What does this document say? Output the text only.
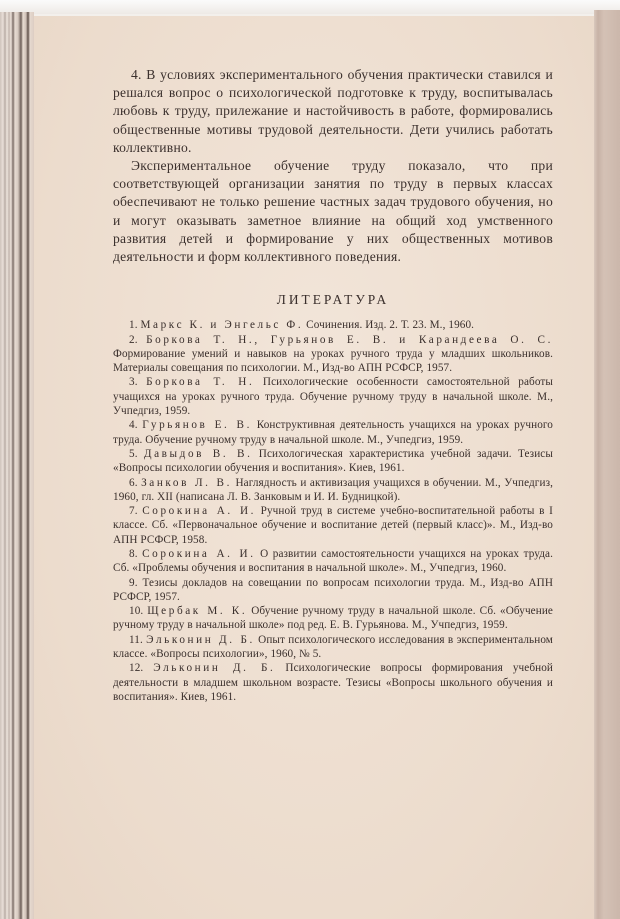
4. В условиях экспериментального обучения практически ставился и решался вопрос о психологической подготовке к труду, воспитывалась любовь к труду, прилежание и настойчивость в работе, формировались общественные мотивы трудовой деятельности. Дети учились работать коллективно.

Экспериментальное обучение труду показало, что при соответствующей организации занятия по труду в первых классах обеспечивают не только решение частных задач трудового обучения, но и могут оказывать заметное влияние на общий ход умственного развития детей и формирование у них общественных мотивов деятельности и форм коллективного поведения.

ЛИТЕРАТУРА

1. Маркс К. и Энгельс Ф. Сочинения. Изд. 2. Т. 23. М., 1960.

2. Боркова Т. Н., Гурьянов Е. В. и Карандеева О. С. Формирование умений и навыков на уроках ручного труда у младших школьников. Материалы совещания по психологии. М., Изд-во АПН РСФСР, 1957.

3. Боркова Т. Н. Психологические особенности самостоятельной работы учащихся на уроках ручного труда. Обучение ручному труду в начальной школе. М., Учпедгиз, 1959.

4. Гурьянов Е. В. Конструктивная деятельность учащихся на уроках ручного труда. Обучение ручному труду в начальной школе. М., Учпедгиз, 1959.

5. Давыдов В. В. Психологическая характеристика учебной задачи. Тезисы «Вопросы психологии обучения и воспитания». Киев, 1961.

6. Занков Л. В. Наглядность и активизация учащихся в обучении. М., Учпедгиз, 1960, гл. XII (написана Л. В. Занковым и И. И. Будницкой).

7. Сорокина А. И. Ручной труд в системе учебно-воспитательной работы в I классе. Сб. «Первоначальное обучение и воспитание детей (первый класс)». М., Изд-во АПН РСФСР, 1958.

8. Сорокина А. И. О развитии самостоятельности учащихся на уроках труда. Сб. «Проблемы обучения и воспитания в начальной школе». М., Учпедгиз, 1960.

9. Тезисы докладов на совещании по вопросам психологии труда. М., Изд-во АПН РСФСР, 1957.

10. Щербак М. К. Обучение ручному труду в начальной школе. Сб. «Обучение ручному труду в начальной школе» под ред. Е. В. Гурьянова. М., Учпедгиз, 1959.

11. Эльконин Д. Б. Опыт психологического исследования в экспериментальном классе. «Вопросы психологии», 1960, № 5.

12. Эльконин Д. Б. Психологические вопросы формирования учебной деятельности в младшем школьном возрасте. Тезисы «Вопросы школьного обучения и воспитания». Киев, 1961.
